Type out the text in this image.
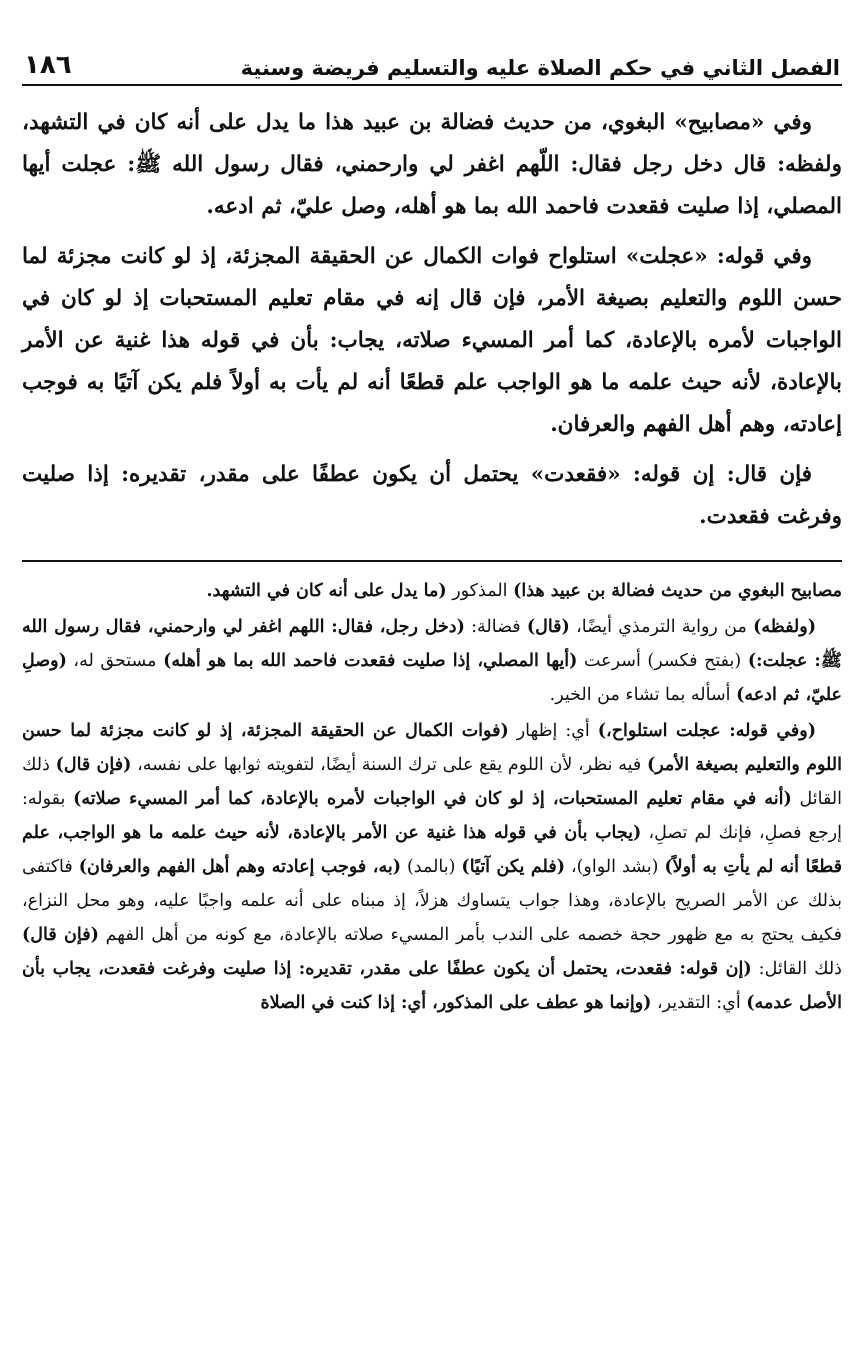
الفصل الثاني في حكم الصلاة عليه والتسليم فريضة وسنية
١٨٦

وفي «مصابيح» البغوي، من حديث فضالة بن عبيد هذا ما يدل على أنه كان في التشهد، ولفظه: قال دخل رجل فقال: اللّهم اغفر لي وارحمني، فقال رسول الله ﷺ: عجلت أيها المصلي، إذا صليت فقعدت فاحمد الله بما هو أهله، وصل عليّ، ثم ادعه.

وفي قوله: «عجلت» استلواح فوات الكمال عن الحقيقة المجزئة، إذ لو كانت مجزئة لما حسن اللوم والتعليم بصيغة الأمر، فإن قال إنه في مقام تعليم المستحبات إذ لو كان في الواجبات لأمره بالإعادة، كما أمر المسيء صلاته، يجاب: بأن في قوله هذا غنية عن الأمر بالإعادة، لأنه حيث علمه ما هو الواجب علم قطعًا أنه لم يأت به أولاً فلم يكن آتيًا به فوجب إعادته، وهم أهل الفهم والعرفان.

فإن قال: إن قوله: «فقعدت» يحتمل أن يكون عطفًا على مقدر، تقديره: إذا صليت وفرغت فقعدت.

مصابيح البغوي من حديث فضالة بن عبيد هذا) المذكور (ما يدل على أنه كان في التشهد.

(ولفظه) من رواية الترمذي أيضًا، (قال) فضالة: (دخل رجل، فقال: اللهم اغفر لي وارحمني، فقال رسول الله ﷺ: عجلت:) (بفتح فكسر) أسرعت (أيها المصلي، إذا صليت فقعدت فاحمد الله بما هو أهله) مستحق له، (وصلِ عليّ، ثم ادعه) أسأله بما تشاء من الخير.

(وفي قوله: عجلت استلواح،) أي: إظهار (فوات الكمال عن الحقيقة المجزئة، إذ لو كانت مجزئة لما حسن اللوم والتعليم بصيغة الأمر) فيه نظر، لأن اللوم يقع على ترك السنة أيضًا، لتفويته ثوابها على نفسه، (فإن قال) ذلك القائل (أنه في مقام تعليم المستحبات، إذ لو كان في الواجبات لأمره بالإعادة، كما أمر المسيء صلاته) بقوله: إرجع فصلِ، فإنك لم تصلِ، (يجاب بأن في قوله هذا غنية عن الأمر بالإعادة، لأنه حيث علمه ما هو الواجب، علم قطعًا أنه لم يأتِ به أولاً) (بشد الواو)، (فلم يكن آتيًا) (بالمد) (به، فوجب إعادته وهم أهل الفهم والعرفان) فاكتفى بذلك عن الأمر الصريح بالإعادة، وهذا جواب يتساوك هزلاً، إذ مبناه على أنه علمه واجبًا عليه، وهو محل النزاع، فكيف يحتج به مع ظهور حجة خصمه على الندب بأمر المسيء صلاته بالإعادة، مع كونه من أهل الفهم (فإن قال) ذلك القائل: (إن قوله: فقعدت، يحتمل أن يكون عطفًا على مقدر، تقديره: إذا صليت وفرغت فقعدت، يجاب بأن الأصل عدمه) أي: التقدير، (وإنما هو عطف على المذكور، أي: إذا كنت في الصلاة
